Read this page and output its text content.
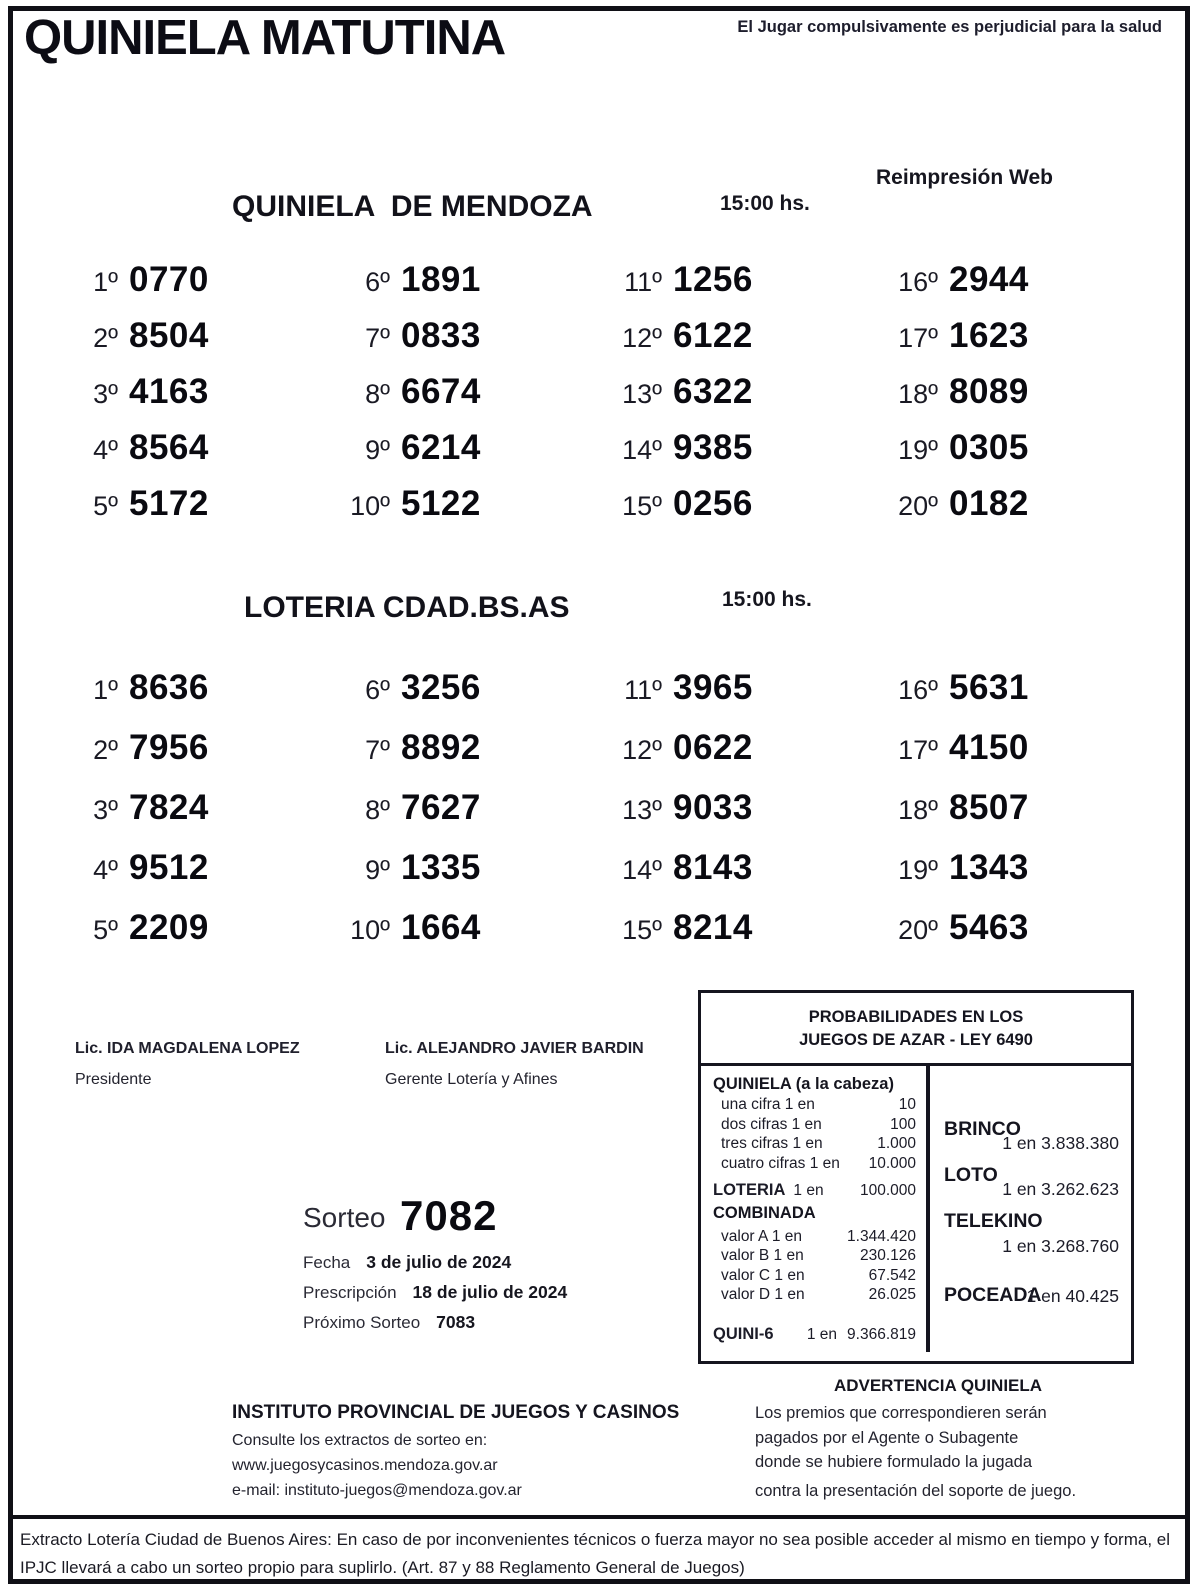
QUINIELA MATUTINA	El Jugar compulsivamente es perjudicial para la salud
Reimpresión Web
QUINIELA  DE MENDOZA	15:00 hs.
1º 0770
2º 8504
3º 4163
4º 8564
5º 5172
6º 1891
7º 0833
8º 6674
9º 6214
10º 5122
11º 1256
12º 6122
13º 6322
14º 9385
15º 0256
16º 2944
17º 1623
18º 8089
19º 0305
20º 0182
LOTERIA CDAD.BS.AS	15:00 hs.
1º 8636
2º 7956
3º 7824
4º 9512
5º 2209
6º 3256
7º 8892
8º 7627
9º 1335
10º 1664
11º 3965
12º 0622
13º 9033
14º 8143
15º 8214
16º 5631
17º 4150
18º 8507
19º 1343
20º 5463
Lic. IDA MAGDALENA LOPEZ
Presidente
Lic. ALEJANDRO JAVIER BARDIN
Gerente Lotería y Afines
PROBABILIDADES EN LOS
JUEGOS DE AZAR - LEY 6490
QUINIELA (a la cabeza)
una cifra 1 en	10
dos cifras 1 en	100
tres cifras 1 en	1.000
cuatro cifras 1 en 10.000
LOTERIA 1 en 100.000
COMBINADA
valor A 1 en	1.344.420
valor B 1 en	230.126
valor C 1 en	67.542
valor D 1 en	26.025
QUINI-6	1 en 9.366.819
BRINCO
1 en 3.838.380
LOTO
1 en 3.262.623
TELEKINO
1 en 3.268.760
POCEADA
1 en 40.425
Sorteo 7082
Fecha 3 de julio de 2024
Prescripción 18 de julio de 2024
Próximo Sorteo 7083
ADVERTENCIA QUINIELA
Los premios que correspondieren serán
pagados por el Agente o Subagente
donde se hubiere formulado la jugada
contra la presentación del soporte de juego.
INSTITUTO PROVINCIAL DE JUEGOS Y CASINOS
Consulte los extractos de sorteo en:
www.juegosycasinos.mendoza.gov.ar
e-mail: instituto-juegos@mendoza.gov.ar
Extracto Lotería Ciudad de Buenos Aires: En caso de por inconvenientes técnicos o fuerza mayor no sea posible acceder al mismo en tiempo y forma, el IPJC llevará a cabo un sorteo propio para suplirlo. (Art. 87 y 88 Reglamento General de Juegos)
